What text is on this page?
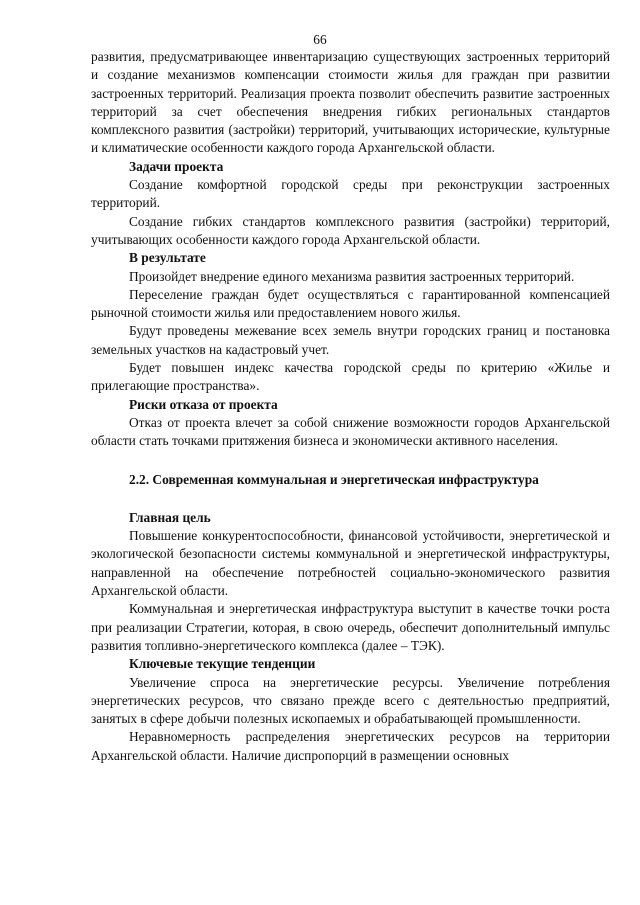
66

развития, предусматривающее инвентаризацию существующих застроенных территорий и создание механизмов компенсации стоимости жилья для граждан при развитии застроенных территорий. Реализация проекта позволит обеспечить развитие застроенных территорий за счет обеспечения внедрения гибких региональных стандартов комплексного развития (застройки) территорий, учитывающих исторические, культурные и климатические особенности каждого города Архангельской области.

Задачи проекта

Создание комфортной городской среды при реконструкции застроенных территорий.

Создание гибких стандартов комплексного развития (застройки) территорий, учитывающих особенности каждого города Архангельской области.

В результате

Произойдет внедрение единого механизма развития застроенных территорий.

Переселение граждан будет осуществляться с гарантированной компенсацией рыночной стоимости жилья или предоставлением нового жилья.

Будут проведены межевание всех земель внутри городских границ и постановка земельных участков на кадастровый учет.

Будет повышен индекс качества городской среды по критерию «Жилье и прилегающие пространства».

Риски отказа от проекта

Отказ от проекта влечет за собой снижение возможности городов Архангельской области стать точками притяжения бизнеса и экономически активного населения.

2.2. Современная коммунальная и энергетическая инфраструктура

Главная цель

Повышение конкурентоспособности, финансовой устойчивости, энергетической и экологической безопасности системы коммунальной и энергетической инфраструктуры, направленной на обеспечение потребностей социально-экономического развития Архангельской области.

Коммунальная и энергетическая инфраструктура выступит в качестве точки роста при реализации Стратегии, которая, в свою очередь, обеспечит дополнительный импульс развития топливно-энергетического комплекса (далее – ТЭК).

Ключевые текущие тенденции

Увеличение спроса на энергетические ресурсы. Увеличение потребления энергетических ресурсов, что связано прежде всего с деятельностью предприятий, занятых в сфере добычи полезных ископаемых и обрабатывающей промышленности.

Неравномерность распределения энергетических ресурсов на территории Архангельской области. Наличие диспропорций в размещении основных
